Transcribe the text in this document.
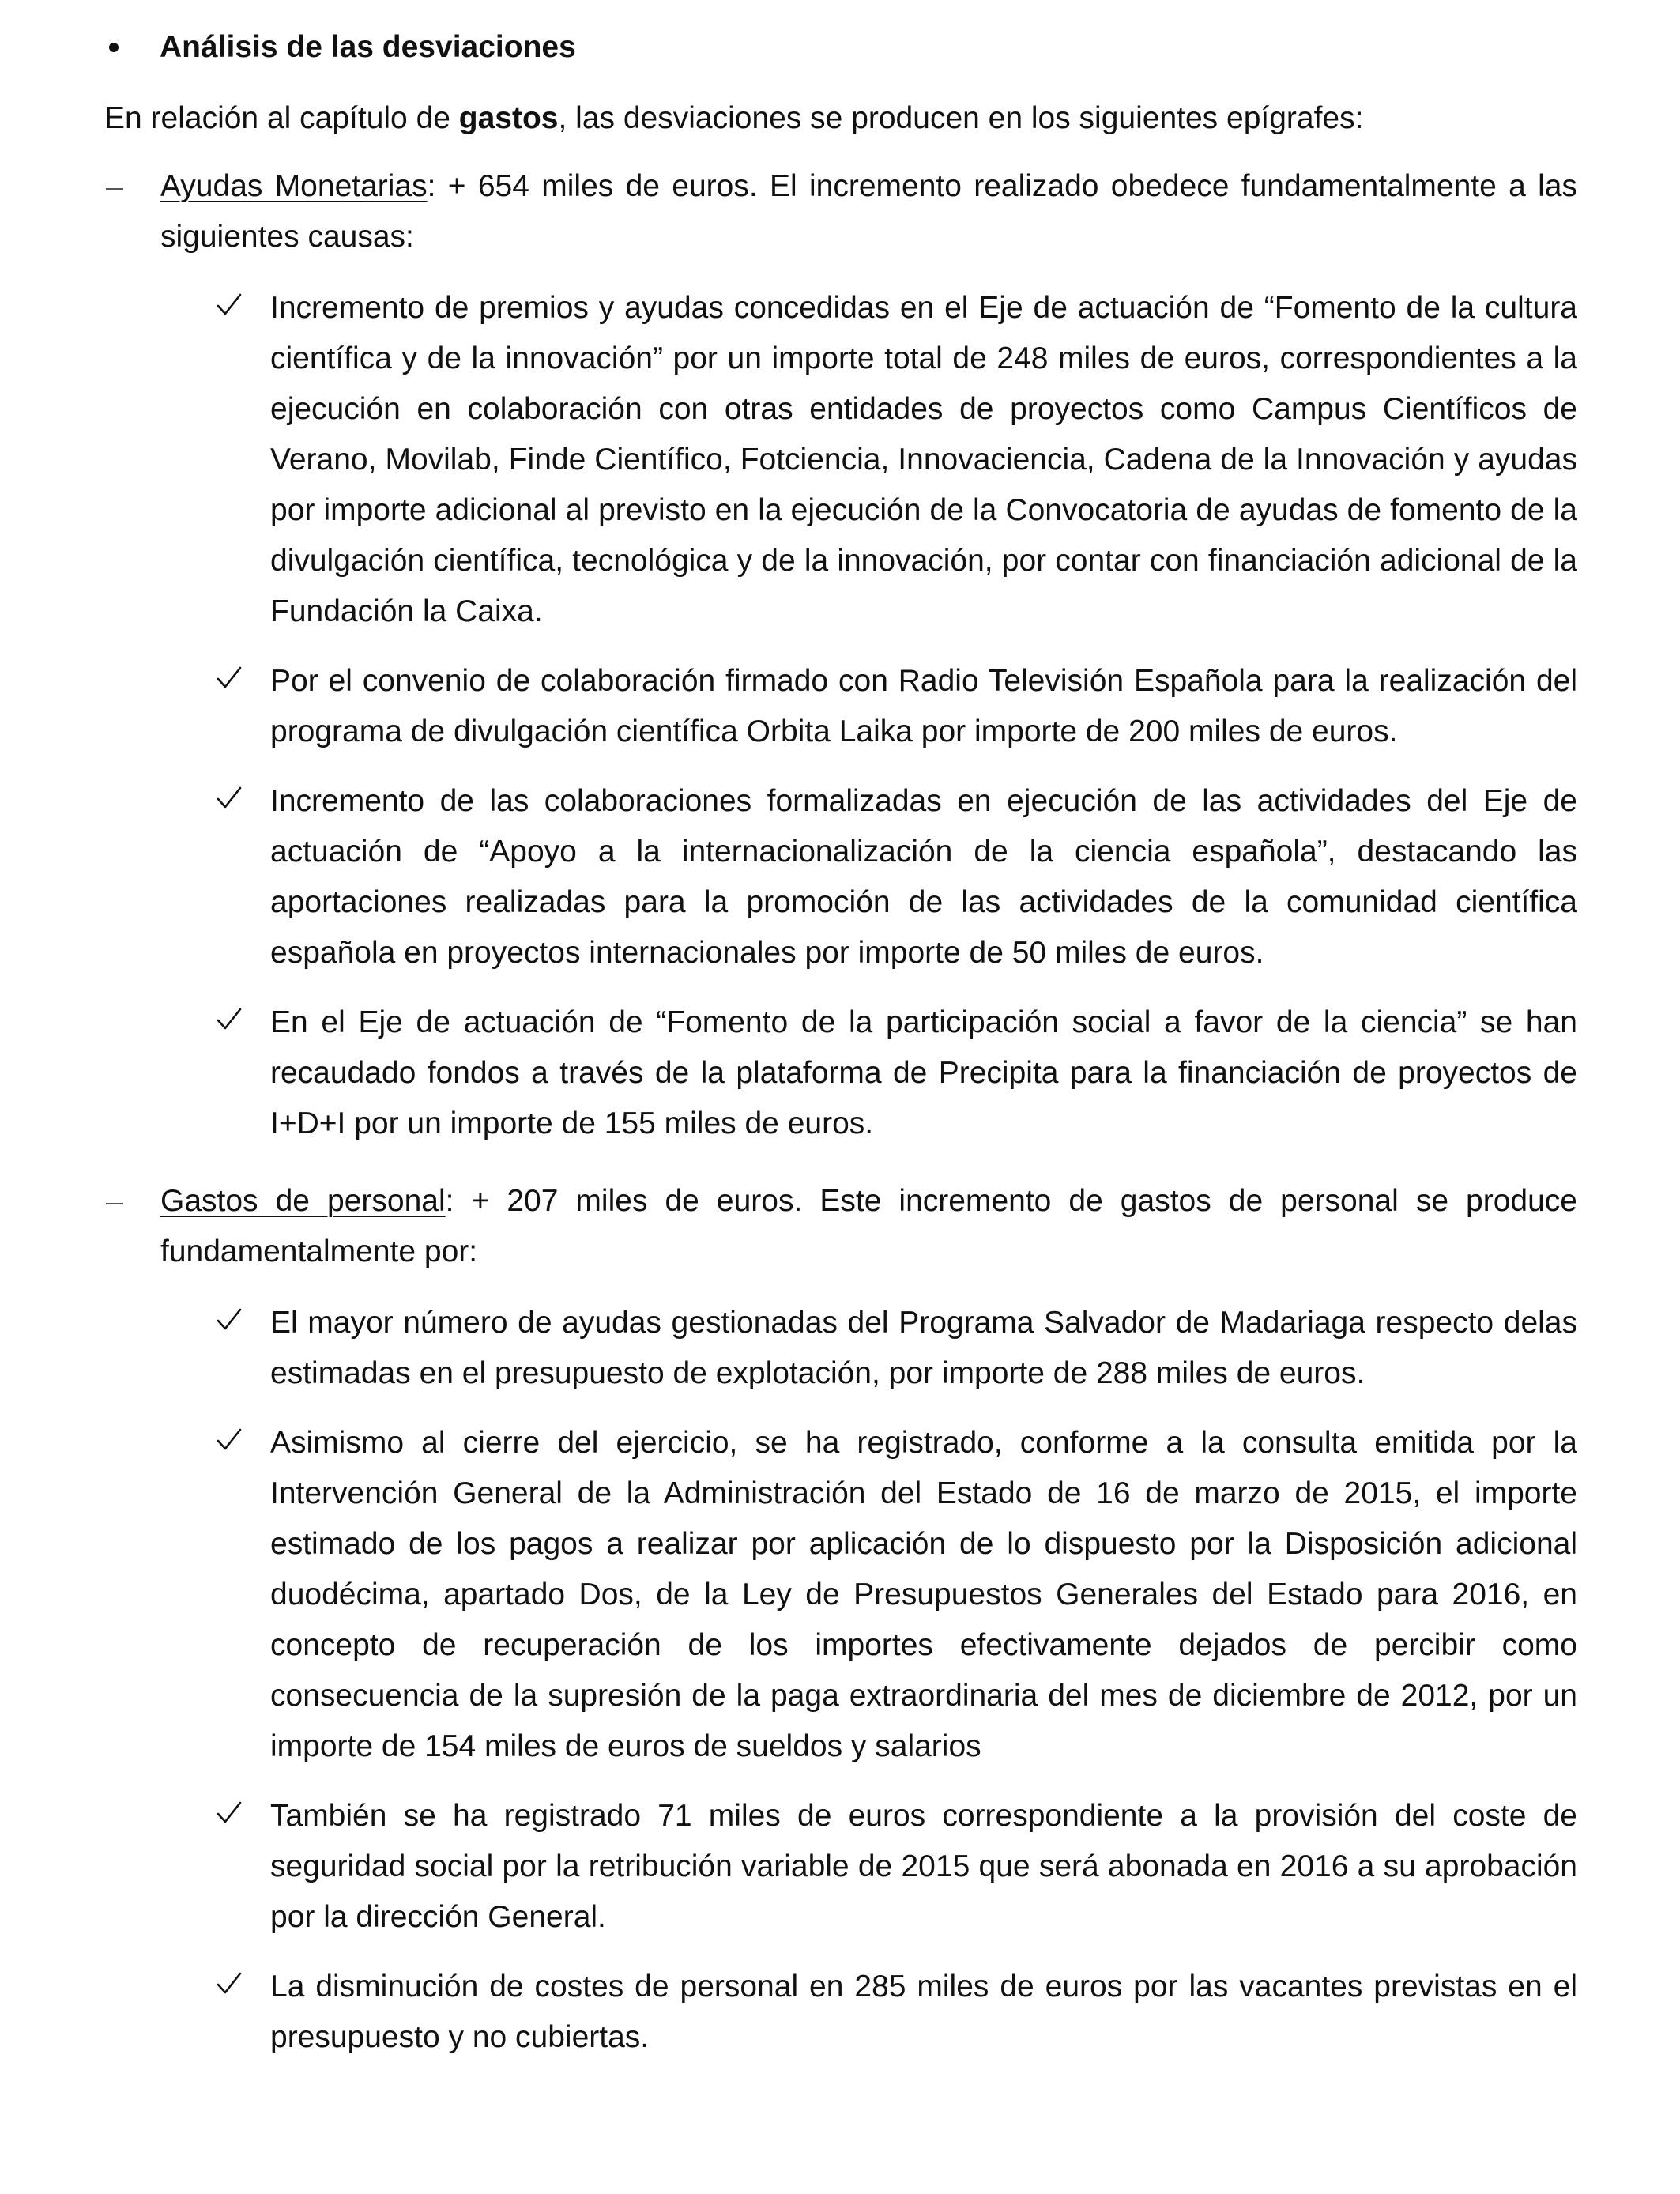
Análisis de las desviaciones

En relación al capítulo de gastos, las desviaciones se producen en los siguientes epígrafes:

Ayudas Monetarias: + 654 miles de euros. El incremento realizado obedece fundamentalmente a las siguientes causas:

Incremento de premios y ayudas concedidas en el Eje de actuación de “Fomento de la cultura científica y de la innovación” por un importe total de 248 miles de euros, correspondientes a la ejecución en colaboración con otras entidades de proyectos como Campus Científicos de Verano, Movilab, Finde Científico, Fotciencia, Innovaciencia, Cadena de la Innovación y ayudas por importe adicional al previsto en la ejecución de la Convocatoria de ayudas de fomento de la divulgación científica, tecnológica y de la innovación, por contar con financiación adicional de la Fundación la Caixa.

Por el convenio de colaboración firmado con Radio Televisión Española para la realización del programa de divulgación científica Orbita Laika por importe de 200 miles de euros.

Incremento de las colaboraciones formalizadas en ejecución de las actividades del Eje de actuación de “Apoyo a la internacionalización de la ciencia española”, destacando las aportaciones realizadas para la promoción de las actividades de la comunidad científica española en proyectos internacionales por importe de 50 miles de euros.

En el Eje de actuación de “Fomento de la participación social a favor de la ciencia” se han recaudado fondos a través de la plataforma de Precipita para la financiación de proyectos de I+D+I por un importe de 155 miles de euros.

Gastos de personal: + 207 miles de euros. Este incremento de gastos de personal se produce fundamentalmente por:

El mayor número de ayudas gestionadas del Programa Salvador de Madariaga respecto delas estimadas en el presupuesto de explotación, por importe de 288 miles de euros.

Asimismo al cierre del ejercicio, se ha registrado, conforme a la consulta emitida por la Intervención General de la Administración del Estado de 16 de marzo de 2015, el importe estimado de los pagos a realizar por aplicación de lo dispuesto por la Disposición adicional duodécima, apartado Dos, de la Ley de Presupuestos Generales del Estado para 2016, en concepto de recuperación de los importes efectivamente dejados de percibir como consecuencia de la supresión de la paga extraordinaria del mes de diciembre de 2012, por un importe de 154 miles de euros de sueldos y salarios

También se ha registrado 71 miles de euros correspondiente a la provisión del coste de seguridad social por la retribución variable de 2015 que será abonada en 2016 a su aprobación por la dirección General.

La disminución de costes de personal en 285 miles de euros por las vacantes previstas en el presupuesto y no cubiertas.
